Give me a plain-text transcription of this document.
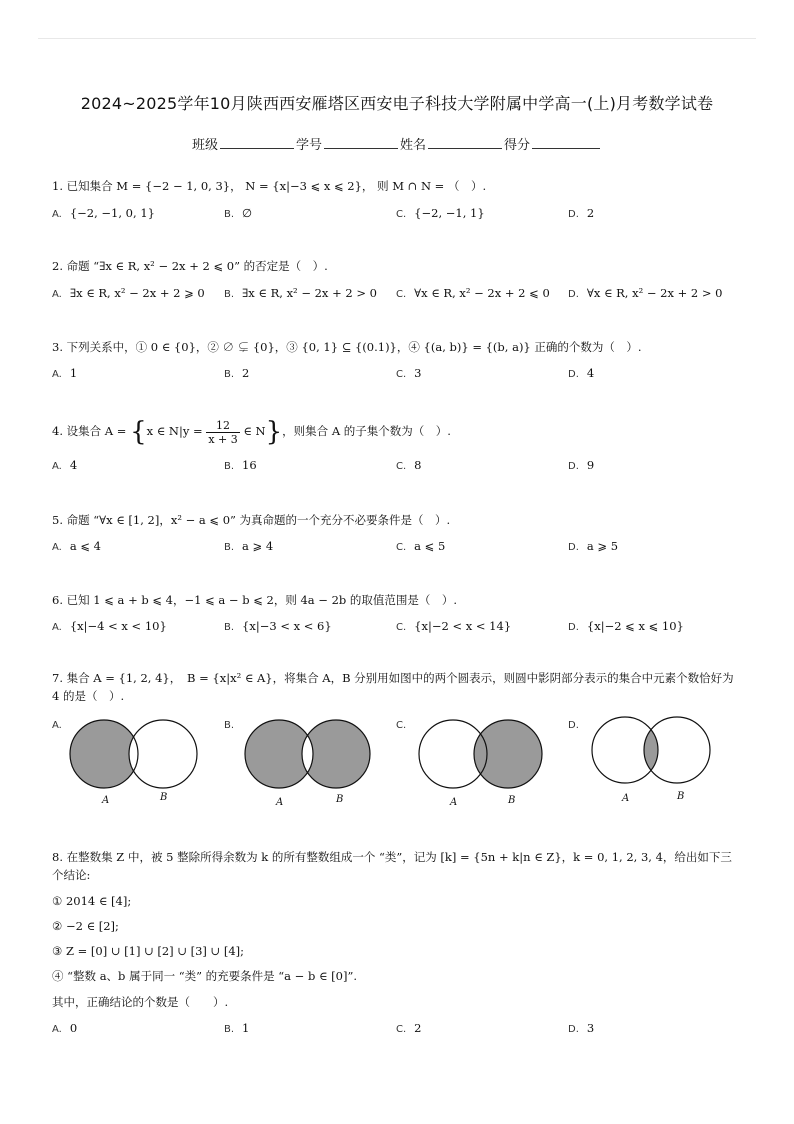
2024~2025学年10月陕西西安雁塔区西安电子科技大学附属中学高一(上)月考数学试卷
班级	学号	姓名	得分
1. 已知集合 M = {−2 − 1, 0, 3}， N = {x|−3 ⩽ x ⩽ 2}， 则 M ∩ N = （　）.
A. {−2, −1, 0, 1}	B. ∅	C. {−2, −1, 1}	D. 2
2. 命题 “∃x ∈ R, x² − 2x + 2 ⩽ 0” 的否定是（　）.
A. ∃x ∈ R, x² − 2x + 2 ⩾ 0 B. ∃x ∈ R, x² − 2x + 2 > 0 C. ∀x ∈ R, x² − 2x + 2 ⩽ 0 D. ∀x ∈ R, x² − 2x + 2 > 0
3. 下列关系中，① 0 ∈ {0}，② ∅ ⊊ {0}，③ {0, 1} ⊆ {(0.1)}，④ {(a, b)} = {(b, a)} 正确的个数为（　）.
A. 1	B. 2	C. 3	D. 4
4. 设集合 A = {x ∈ $N|y = \frac{12}{x + 3}$ ∈ N}，则集合 A 的子集个数为（　）.
A. 4	B. 16	C. 8	D. 9
5. 命题 “∀x ∈ [1, 2]，x² − a ⩽ 0” 为真命题的一个充分不必要条件是（　）.
A. a ⩽ 4	B. a ⩾ 4	C. a ⩽ 5	D. a ⩾ 5
6. 已知 1 ⩽ a + b ⩽ 4，−1 ⩽ a − b ⩽ 2，则 4a − 2b 的取值范围是（　）.
A. {x|−4 < x < 10}	B. {x|−3 < x < 6}	C. {x|−2 < x < 14}	D. {x|−2 ⩽ x ⩽ 10}
7. 集合 A = {1, 2, 4}，　B = {x|x² ∈ A}，将集合 A，B 分别用如图中的两个圆表示，则圆中影阴部分表示的集合中元素个数恰好为 4 的是（　）.
A.	B.	C.	D.
A	B	A	B	A	B	A	B
8. 在整数集 Z 中，被 5 整除所得余数为 k 的所有整数组成一个 “类”，记为 [k] = {5n + k|n ∈ Z}，k = 0, 1, 2, 3, 4，给出如下三个结论:
① 2014 ∈ [4];
② −2 ∈ [2];
③ Z = [0] ∪ [1] ∪ [2] ∪ [3] ∪ [4];
④ “整数 a、b 属于同一 “类” 的充要条件是 “a − b ∈ [0]”.
其中，正确结论的个数是（　　）.
A. 0	B. 1	C. 2	D. 3
